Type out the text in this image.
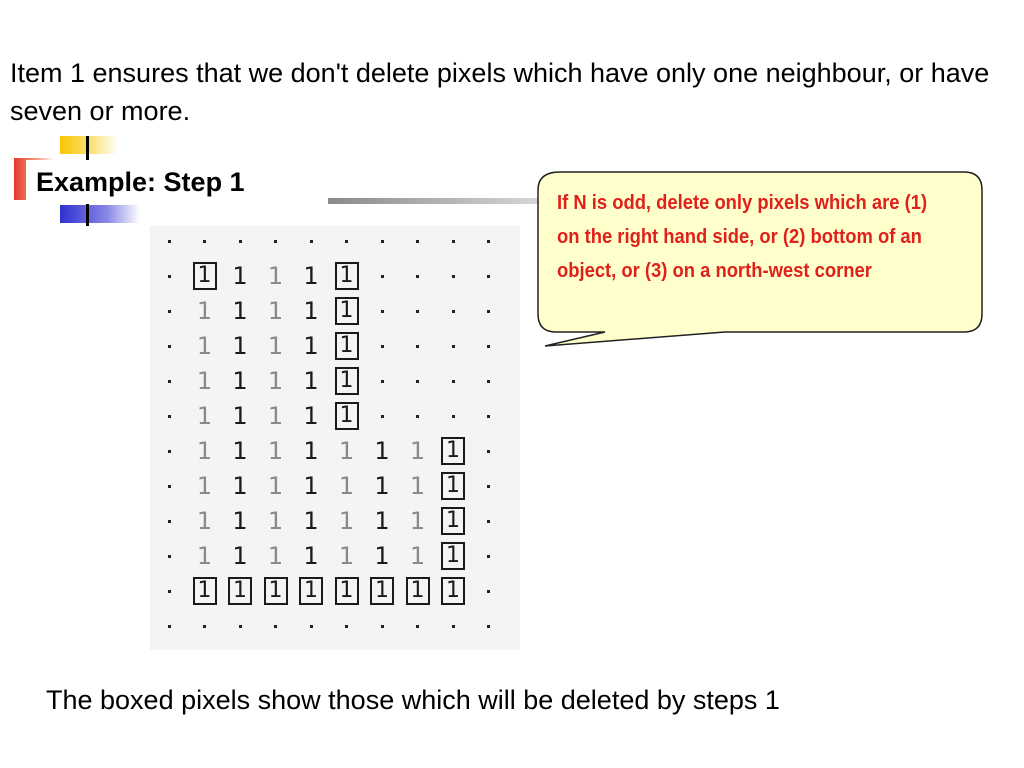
Item 1 ensures that we don't delete pixels which have only one neighbour, or have seven or more.

Example: Step 1
1 1 1 1 1
1 1 1 1 1
1 1 1 1 1
1 1 1 1 1
1 1 1 1 1
1 1 1 1 1 1 1 1
1 1 1 1 1 1 1 1
1 1 1 1 1 1 1 1
1 1 1 1 1 1 1 1
1 1 1 1 1 1 1 1

If N is odd, delete only pixels which are (1) on the right hand side, or (2) bottom of an object, or (3) on a north-west corner

The boxed pixels show those which will be deleted by steps 1
